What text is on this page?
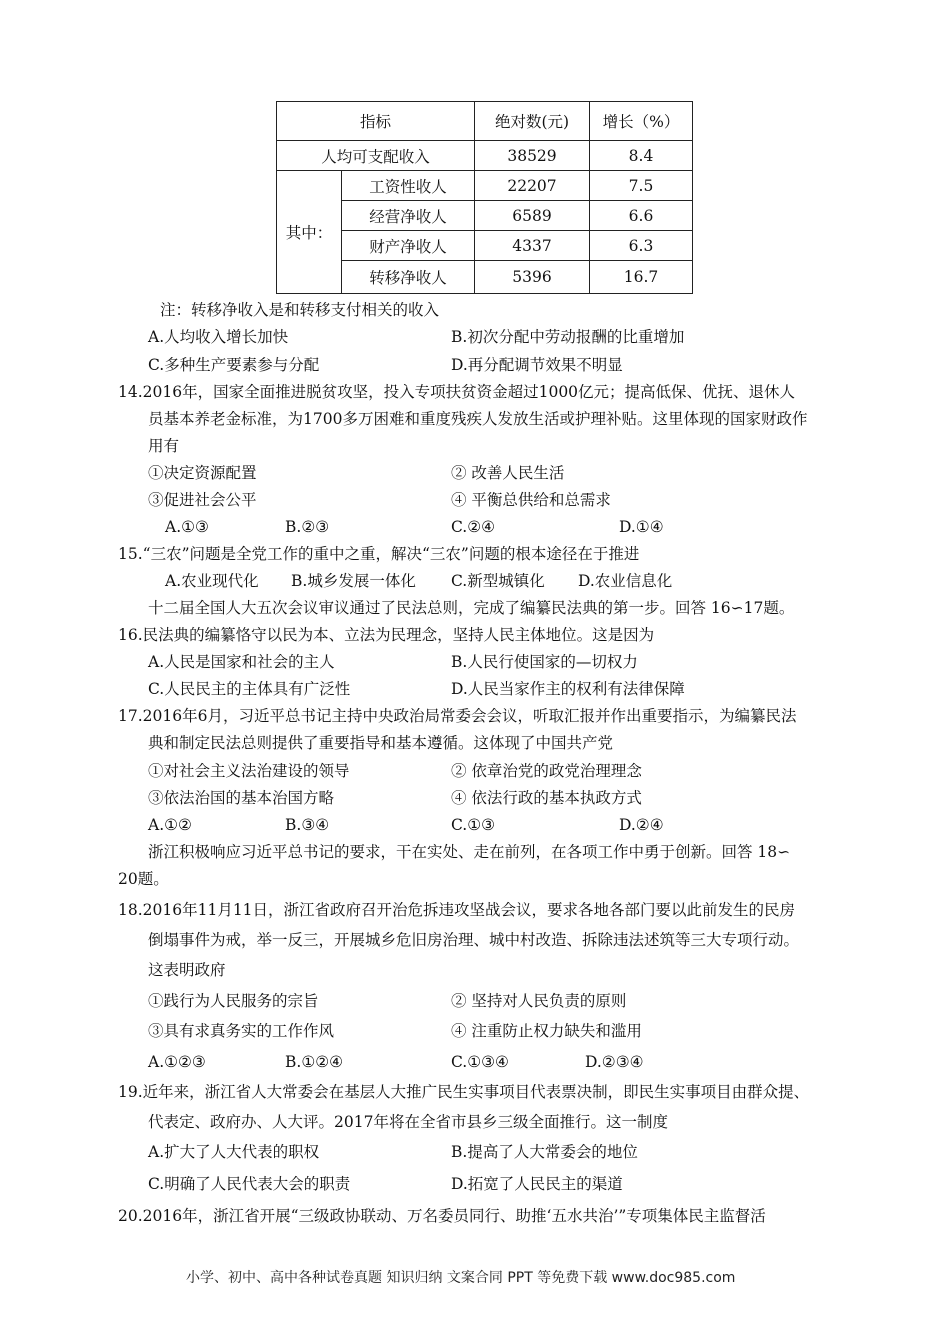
指标		绝对数(元)	增长（%）
人均可支配收入		38529	8.4
其中：	工资性收人	22207	7.5
	经营净收人	6589	6.6
	财产净收人	4337	6.3
	转移净收人	5396	16.7
注：转移净收入是和转移支付相关的收入
A.人均收入增长加快	B.初次分配中劳动报酬的比重增加
C.多种生产要素参与分配	D.再分配调节效果不明显
14.2016年，国家全面推进脱贫攻坚，投入专项扶贫资金超过1000亿元；提高低保、优抚、退休人
员基本养老金标准，为1700多万困难和重度残疾人发放生活或护理补贴。这里体现的国家财政作
用有
①决定资源配置	② 改善人民生活
③促进社会公平	④ 平衡总供给和总需求
A.①③	B.②③	C.②④	D.①④
15.“三农”问题是全党工作的重中之重，解决“三农”问题的根本途径在于推进
A.农业现代化 B.城乡发展一体化 C.新型城镇化 D.农业信息化
十二届全国人大五次会议审议通过了民法总则，完成了编纂民法典的第一步。回答 16∽17题。
16.民法典的编纂恪守以民为本、立法为民理念，坚持人民主体地位。这是因为
A.人民是国家和社会的主人	B.人民行使国家的—切权力
C.人民民主的主体具有广泛性	D.人民当家作主的权利有法律保障
17.2016年6月，习近平总书记主持中央政治局常委会会议，听取汇报并作出重要指示，为编纂民法
典和制定民法总则提供了重要指导和基本遵循。这体现了中国共产党
①对社会主义法治建设的领导	② 依章治党的政党治理理念
③依法治国的基本治国方略	④ 依法行政的基本执政方式
A.①②	B.③④	C.①③	D.②④
浙江积极响应习近平总书记的要求，干在实处、走在前列，在各项工作中勇于创新。回答 18∽
20题。
18.2016年11月11日，浙江省政府召开治危拆违攻坚战会议，要求各地各部门要以此前发生的民房
倒塌事件为戒，举一反三，开展城乡危旧房治理、城中村改造、拆除违法述筑等三大专项行动。
这表明政府
①践行为人民服务的宗旨	② 坚持对人民负责的原则
③具有求真务实的工作作风	④ 注重防止权力缺失和滥用
A.①②③	B.①②④	C.①③④	D.②③④
19.近年来，浙江省人大常委会在基层人大推广民生实事项目代表票决制，即民生实事项目由群众提、
代表定、政府办、人大评。2017年将在全省市县乡三级全面推行。这一制度
A.扩大了人大代表的职权	B.提高了人大常委会的地位
C.明确了人民代表大会的职责	D.拓宽了人民民主的渠道
20.2016年，浙江省开展“三级政协联动、万名委员同行、助推‘五水共治’”专项集体民主监督活
小学、初中、高中各种试卷真题 知识归纳 文案合同 PPT 等免费下载 www.doc985.com
